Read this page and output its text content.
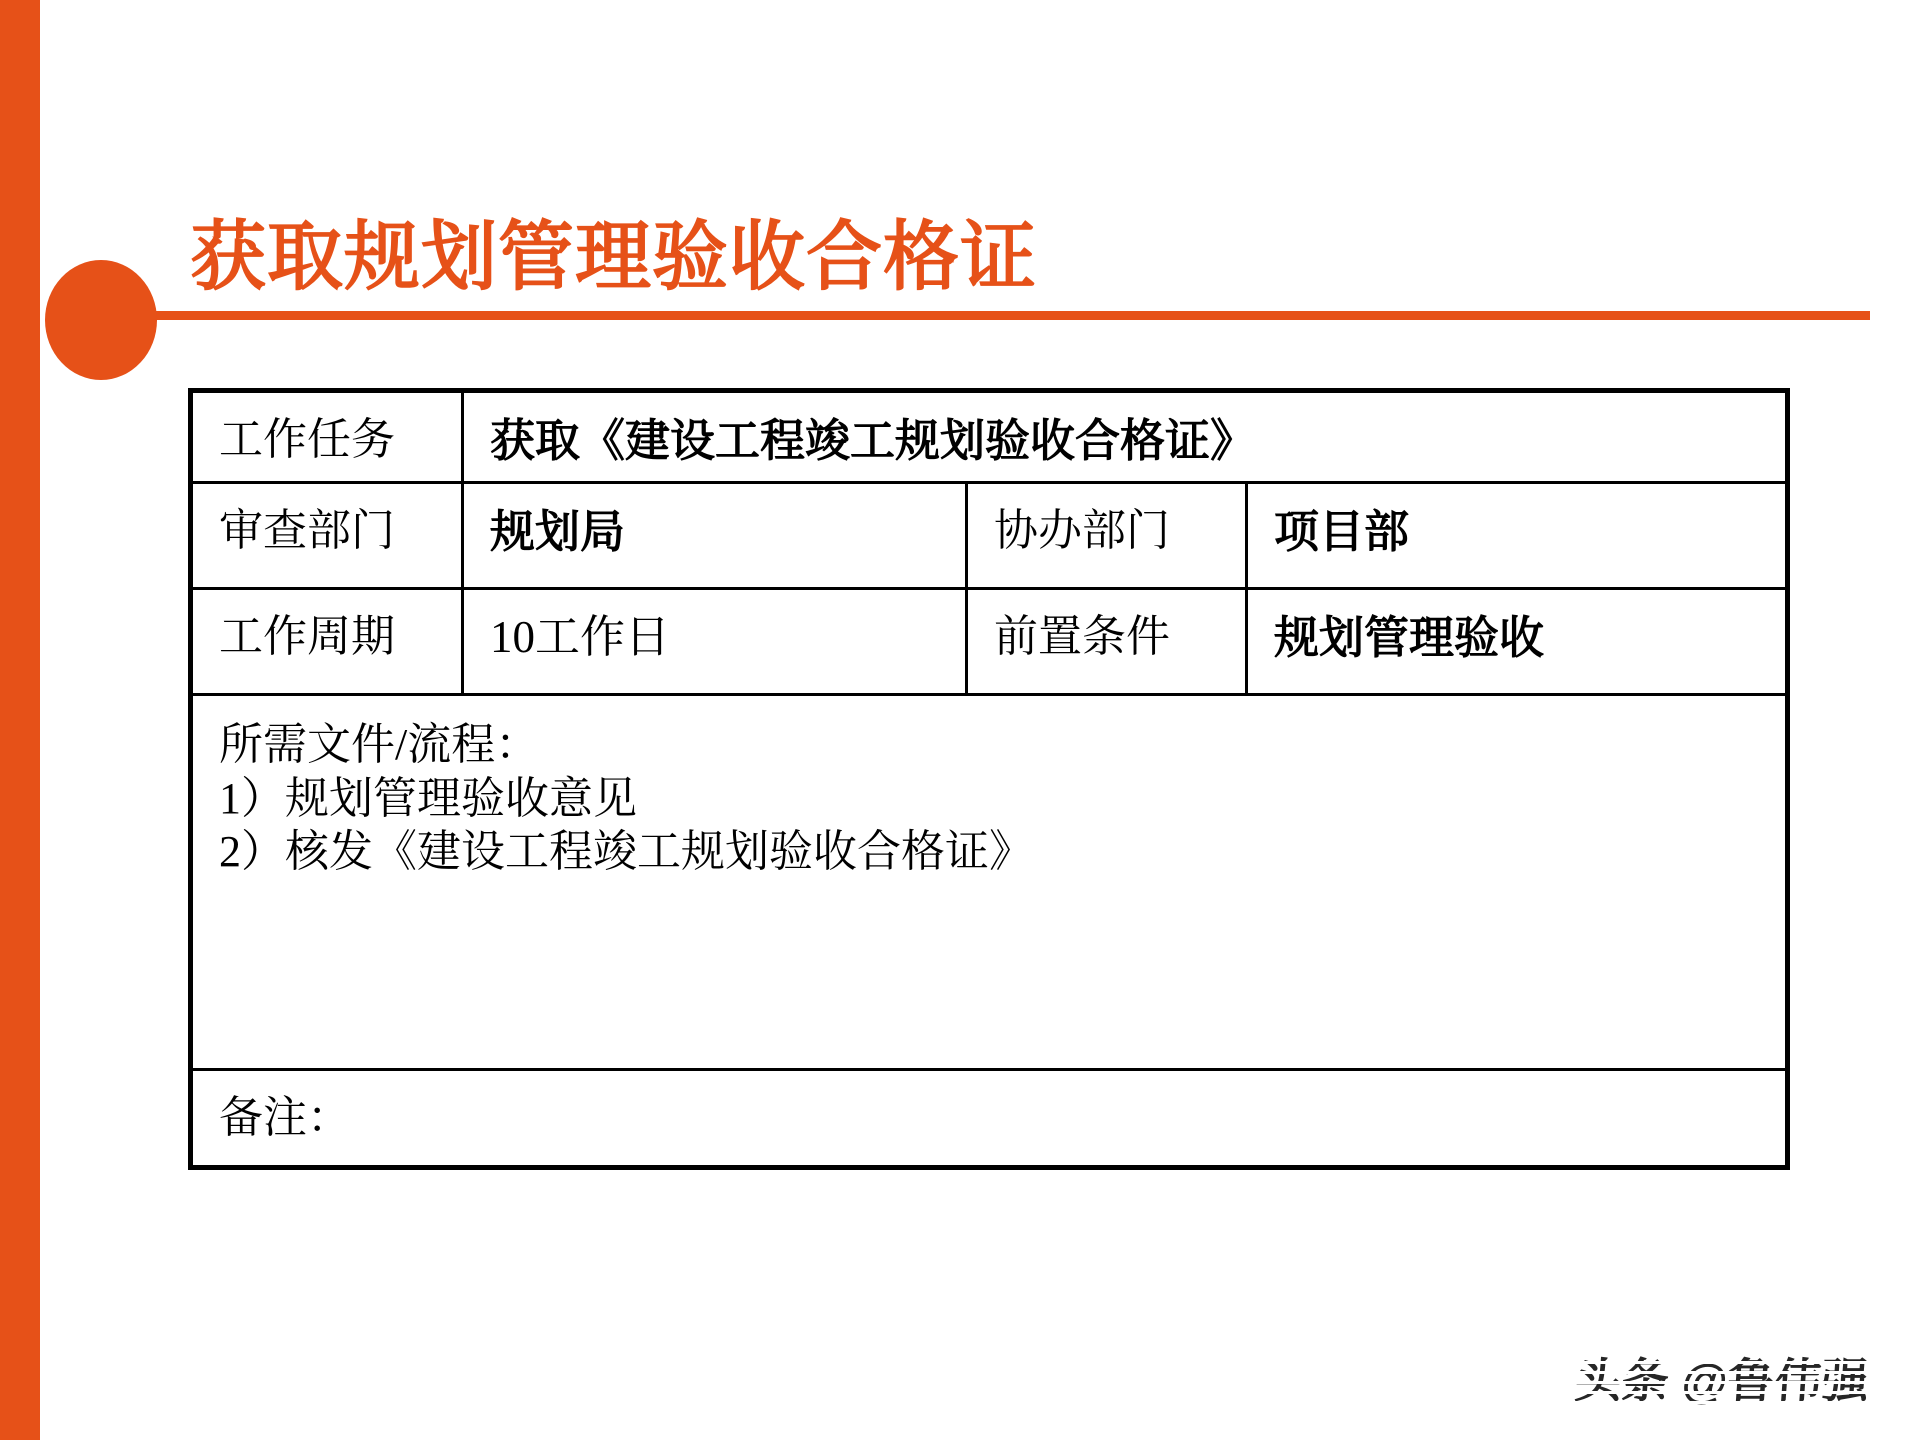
获取规划管理验收合格证
工作任务	获取《建设工程竣工规划验收合格证》
审查部门	规划局	协办部门	项目部
工作周期	10工作日	前置条件	规划管理验收
所需文件/流程：
1）规划管理验收意见
2）核发《建设工程竣工规划验收合格证》
备注：
头条 @鲁伟强
